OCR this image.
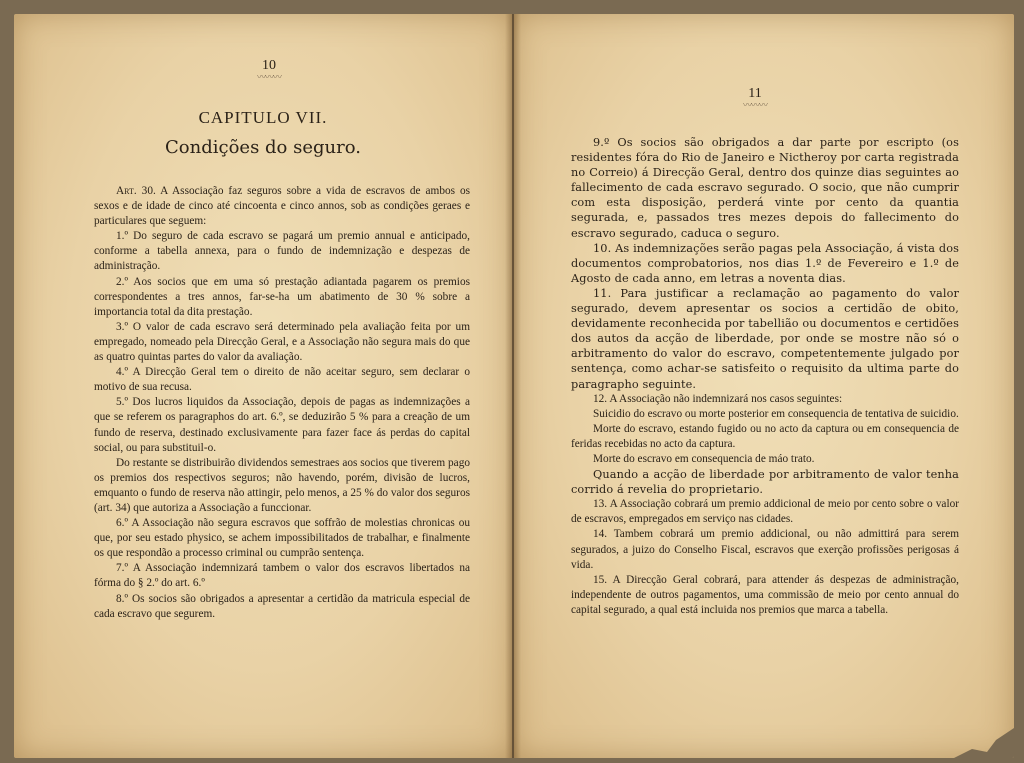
10
〰〰〰
CAPITULO VII.
Condições do seguro.

Art. 30. A Associação faz seguros sobre a vida de escravos de ambos os sexos e de idade de cinco até cincoenta e cinco annos, sob as condições geraes e particulares que seguem:

1.º Do seguro de cada escravo se pagará um premio annual e anticipado, conforme a tabella annexa, para o fundo de indemnização e despezas de administração.

2.º Aos socios que em uma só prestação adiantada pagarem os premios correspondentes a tres annos, far-se-ha um abatimento de 30 % sobre a importancia total da dita prestação.

3.º O valor de cada escravo será determinado pela avaliação feita por um empregado, nomeado pela Direcção Geral, e a Associação não segura mais do que as quatro quintas partes do valor da avaliação.

4.º A Direcção Geral tem o direito de não aceitar seguro, sem declarar o motivo de sua recusa.

5.º Dos lucros liquidos da Associação, depois de pagas as indemnizações a que se referem os paragraphos do art. 6.º, se deduzirão 5 % para a creação de um fundo de reserva, destinado exclusivamente para fazer face ás perdas do capital social, ou para substituil-o.

Do restante se distribuirão dividendos semestraes aos socios que tiverem pago os premios dos respectivos seguros; não havendo, porém, divisão de lucros, emquanto o fundo de reserva não attingir, pelo menos, a 25 % do valor dos seguros (art. 34) que autoriza a Associação a funccionar.

6.º A Associação não segura escravos que soffrão de molestias chronicas ou que, por seu estado physico, se achem impossibilitados de trabalhar, e finalmente os que respondão a processo criminal ou cumprão sentença.

7.º A Associação indemnizará tambem o valor dos escravos libertados na fórma do § 2.º do art. 6.º

8.º Os socios são obrigados a apresentar a certidão da matricula especial de cada escravo que segurem.

11
〰〰〰

9.º Os socios são obrigados a dar parte por escripto (os residentes fóra do Rio de Janeiro e Nictheroy por carta registrada no Correio) á Direcção Geral, dentro dos quinze dias seguintes ao fallecimento de cada escravo segurado. O socio, que não cumprir com esta disposição, perderá vinte por cento da quantia segurada, e, passados tres mezes depois do fallecimento do escravo segurado, caduca o seguro.

10. As indemnizações serão pagas pela Associação, á vista dos documentos comprobatorios, nos dias 1.º de Fevereiro e 1.º de Agosto de cada anno, em letras a noventa dias.

11. Para justificar a reclamação ao pagamento do valor segurado, devem apresentar os socios a certidão de obito, devidamente reconhecida por tabellião ou documentos e certidões dos autos da acção de liberdade, por onde se mostre não só o arbitramento do valor do escravo, competentemente julgado por sentença, como achar-se satisfeito o requisito da ultima parte do paragrapho seguinte.

12. A Associação não indemnizará nos casos seguintes:

Suicidio do escravo ou morte posterior em consequencia de tentativa de suicidio.

Morte do escravo, estando fugido ou no acto da captura ou em consequencia de feridas recebidas no acto da captura.

Morte do escravo em consequencia de máo trato.

Quando a acção de liberdade por arbitramento de valor tenha corrido á revelia do proprietario.

13. A Associação cobrará um premio addicional de meio por cento sobre o valor de escravos, empregados em serviço nas cidades.

14. Tambem cobrará um premio addicional, ou não admittirá para serem segurados, a juizo do Conselho Fiscal, escravos que exerção profissões perigosas á vida.

15. A Direcção Geral cobrará, para attender ás despezas de administração, independente de outros pagamentos, uma commissão de meio por cento annual do capital segurado, a qual está incluida nos premios que marca a tabella.
